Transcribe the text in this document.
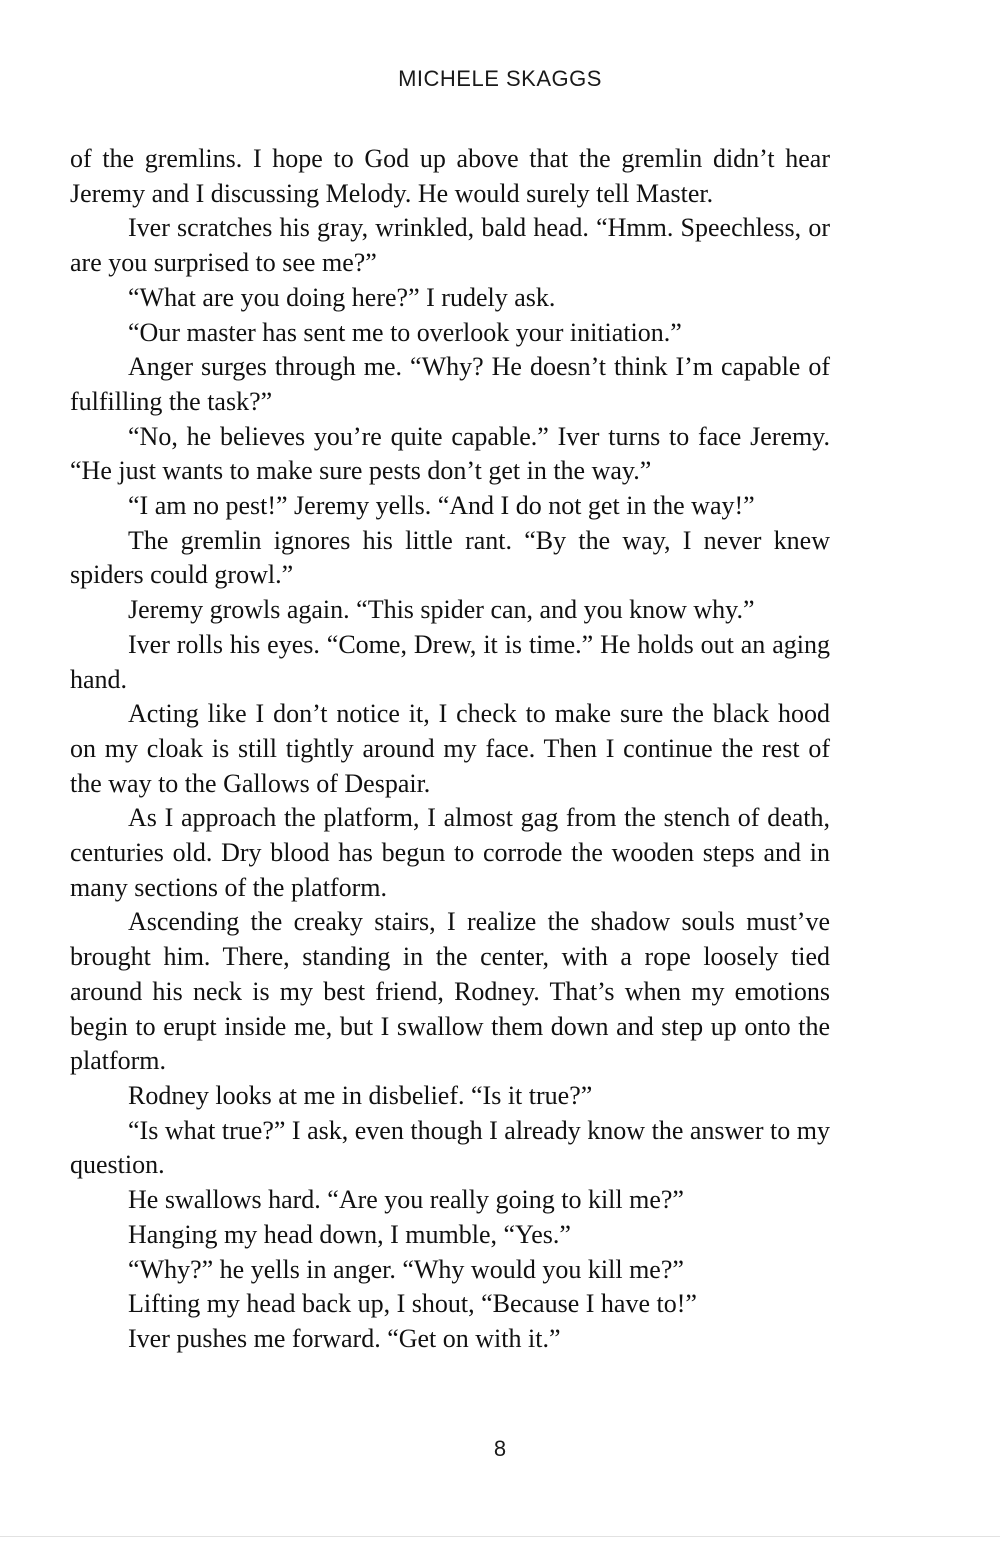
MICHELE SKAGGS

of the gremlins. I hope to God up above that the gremlin didn’t hear Jeremy and I discussing Melody. He would surely tell Master.

Iver scratches his gray, wrinkled, bald head. “Hmm. Speechless, or are you surprised to see me?”

“What are you doing here?” I rudely ask.

“Our master has sent me to overlook your initiation.”

Anger surges through me. “Why? He doesn’t think I’m capable of fulfilling the task?”

“No, he believes you’re quite capable.” Iver turns to face Jeremy. “He just wants to make sure pests don’t get in the way.”

“I am no pest!” Jeremy yells. “And I do not get in the way!”

The gremlin ignores his little rant. “By the way, I never knew spiders could growl.”

Jeremy growls again. “This spider can, and you know why.”

Iver rolls his eyes. “Come, Drew, it is time.” He holds out an aging hand.

Acting like I don’t notice it, I check to make sure the black hood on my cloak is still tightly around my face. Then I continue the rest of the way to the Gallows of Despair.

As I approach the platform, I almost gag from the stench of death, centuries old. Dry blood has begun to corrode the wooden steps and in many sections of the platform.

Ascending the creaky stairs, I realize the shadow souls must’ve brought him. There, standing in the center, with a rope loosely tied around his neck is my best friend, Rodney. That’s when my emotions begin to erupt inside me, but I swallow them down and step up onto the platform.

Rodney looks at me in disbelief. “Is it true?”

“Is what true?” I ask, even though I already know the answer to my question.

He swallows hard. “Are you really going to kill me?”

Hanging my head down, I mumble, “Yes.”

“Why?” he yells in anger. “Why would you kill me?”

Lifting my head back up, I shout, “Because I have to!”

Iver pushes me forward. “Get on with it.”

8
